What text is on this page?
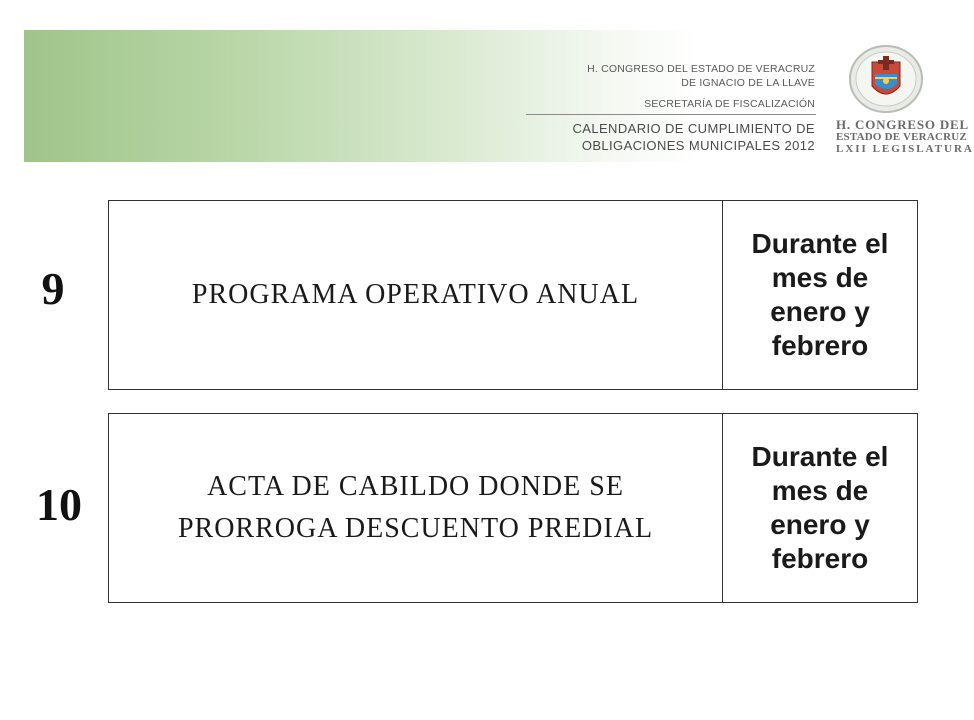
H. CONGRESO DEL ESTADO DE VERACRUZ
DE IGNACIO DE LA LLAVE
SECRETARÍA DE FISCALIZACIÓN
CALENDARIO DE CUMPLIMIENTO DE
OBLIGACIONES MUNICIPALES 2012
H. CONGRESO DEL
ESTADO DE VERACRUZ
LXII LEGISLATURA
9	PROGRAMA OPERATIVO ANUAL
Durante el mes de enero y febrero
10	ACTA DE CABILDO DONDE SE PRORROGA DESCUENTO PREDIAL
Durante el mes de enero y febrero
